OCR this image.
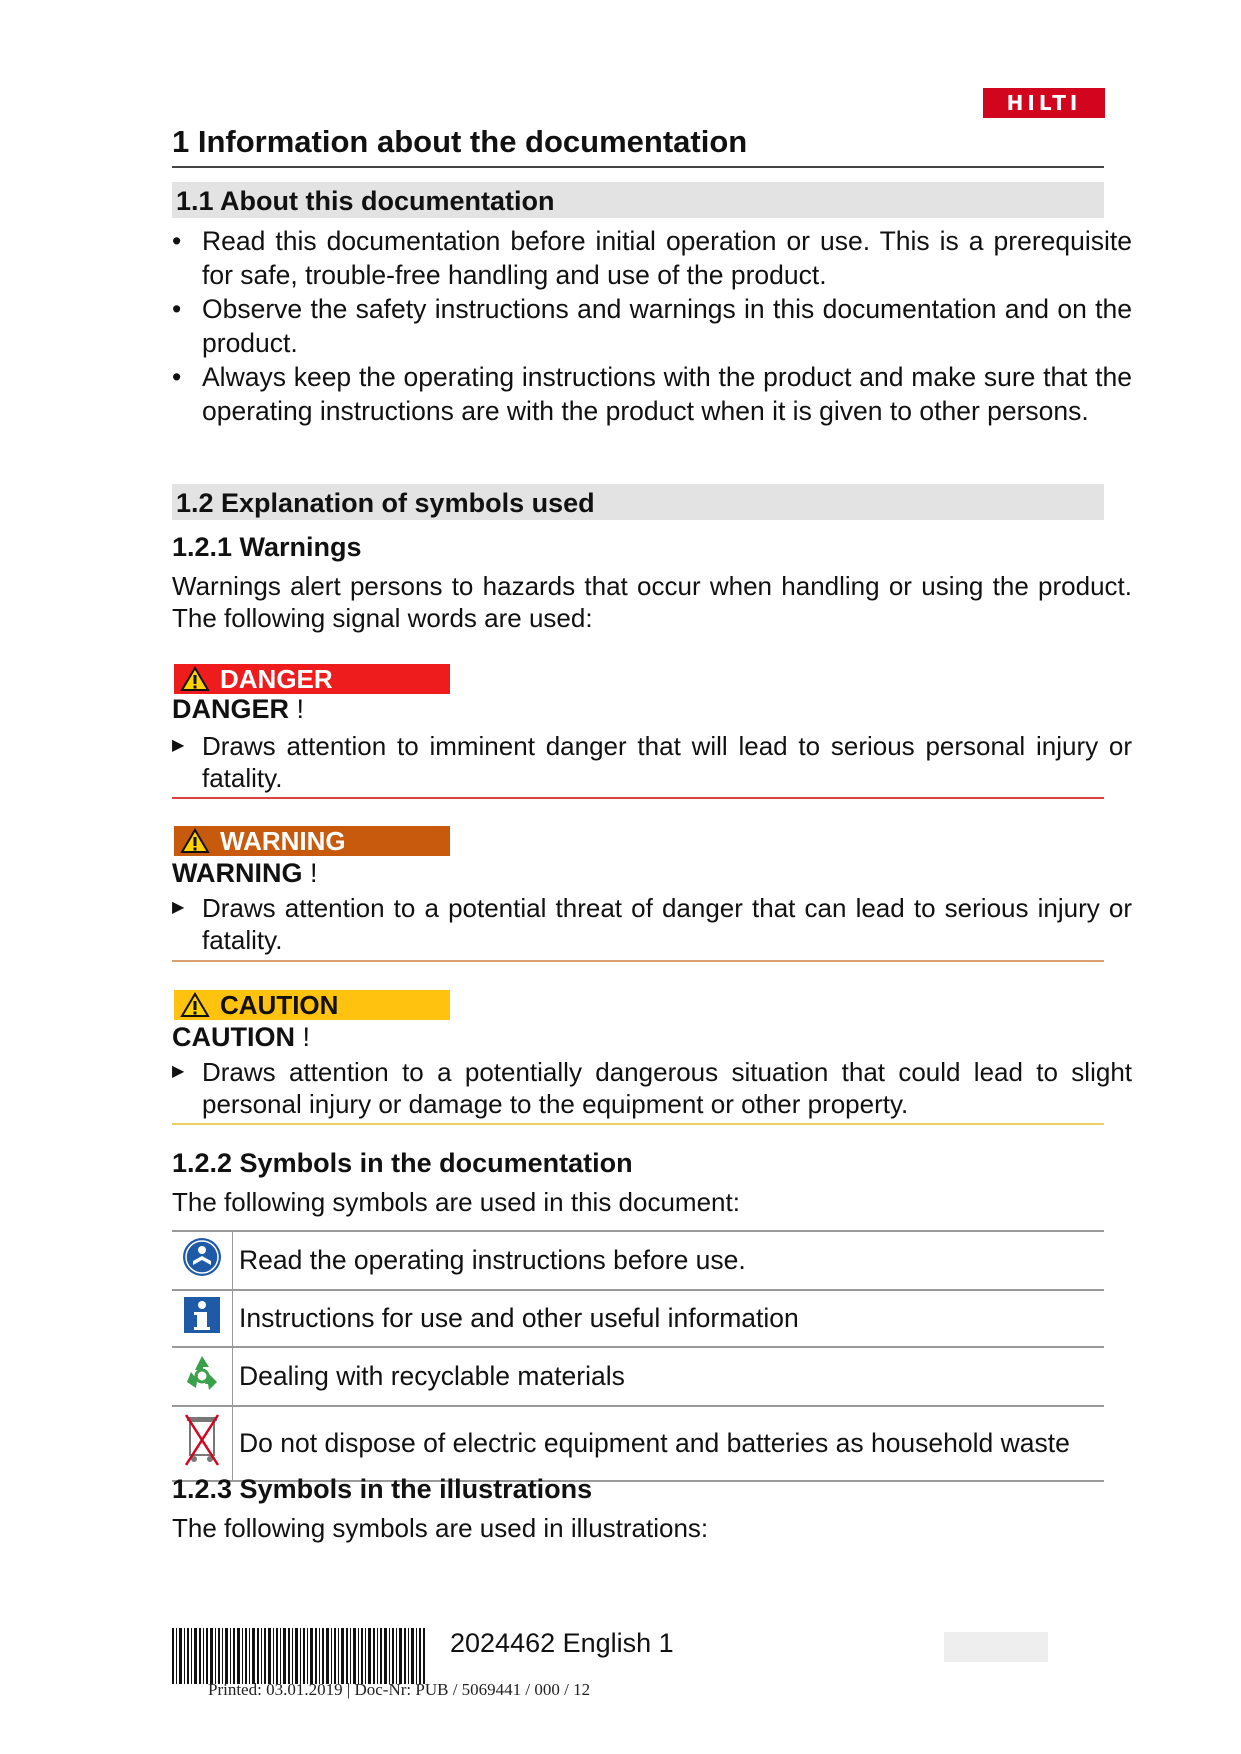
HILTI
1 Information about the documentation
1.1 About this documentation
• Read this documentation before initial operation or use. This is a prerequisite for safe, trouble-free handling and use of the product.
• Observe the safety instructions and warnings in this documentation and on the product.
• Always keep the operating instructions with the product and make sure that the operating instructions are with the product when it is given to other persons.
1.2 Explanation of symbols used
1.2.1 Warnings
Warnings alert persons to hazards that occur when handling or using the product. The following signal words are used:
DANGER
DANGER !
▶ Draws attention to imminent danger that will lead to serious personal injury or fatality.
WARNING
WARNING !
▶ Draws attention to a potential threat of danger that can lead to serious injury or fatality.
CAUTION
CAUTION !
▶ Draws attention to a potentially dangerous situation that could lead to slight personal injury or damage to the equipment or other property.
1.2.2 Symbols in the documentation
The following symbols are used in this document:
	Read the operating instructions before use.
	Instructions for use and other useful information
	Dealing with recyclable materials
	Do not dispose of electric equipment and batteries as household waste
1.2.3 Symbols in the illustrations
The following symbols are used in illustrations:
2024462 English 1
Printed: 03.01.2019 | Doc-Nr: PUB / 5069441 / 000 / 12
